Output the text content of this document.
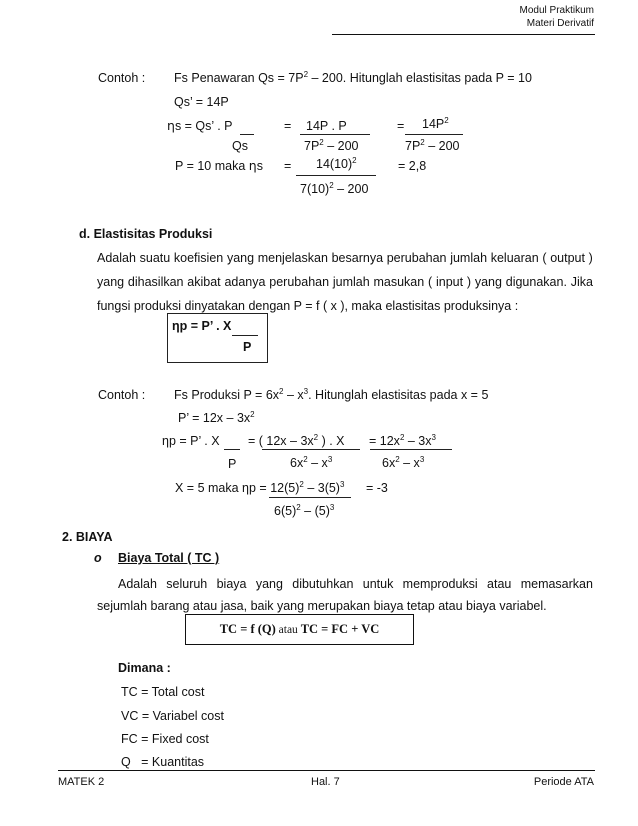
Modul Praktikum
Materi Derivatif
Contoh : Fs Penawaran $Qs = 7P^2 - 200$. Hitunglah elastisitas pada P = 10
Qs’ = 14P
ηs = Qs’ . P
Qs
= 14P . P
$7P^2 - 200$
= $14P^2$
$7P^2 - 200$
P = 10 maka $\eta s = 14(10)^2$
$7(10)^2 - 200$
= 2,8
d. Elastisitas Produksi
Adalah suatu koefisien yang menjelaskan besarnya perubahan jumlah keluaran ( output )
yang dihasilkan akibat adanya perubahan jumlah masukan ( input ) yang digunakan. Jika
fungsi produksi dinyatakan dengan P = f ( x ), maka elastisitas produksinya :
ηp = P’ . X
P
Contoh : Fs Produksi $P = 6x^2 - x^3$. Hitunglah elastisitas pada x = 5
P’ = $12x - 3x^2$
ηp = P’ . X
P
= ( $12x - 3x^2$ ) . X
$6x^2 - x^3$
= $12x^2 - 3x^3$
$6x^2 - x^3$
X = 5 maka $\eta p = 12(5)^2 - 3(5)^3 = -3$
$6(5)^2 - (5)^3$
2. BIAYA
o Biaya Total ( TC )
Adalah seluruh biaya yang dibutuhkan untuk memproduksi atau memasarkan
sejumlah barang atau jasa, baik yang merupakan biaya tetap atau biaya variabel.
TC = f (Q) atau TC = FC + VC
Dimana :
TC = Total cost
VC = Variabel cost
FC = Fixed cost
Q   = Kuantitas
MATEK 2	Hal. 7	Periode ATA
